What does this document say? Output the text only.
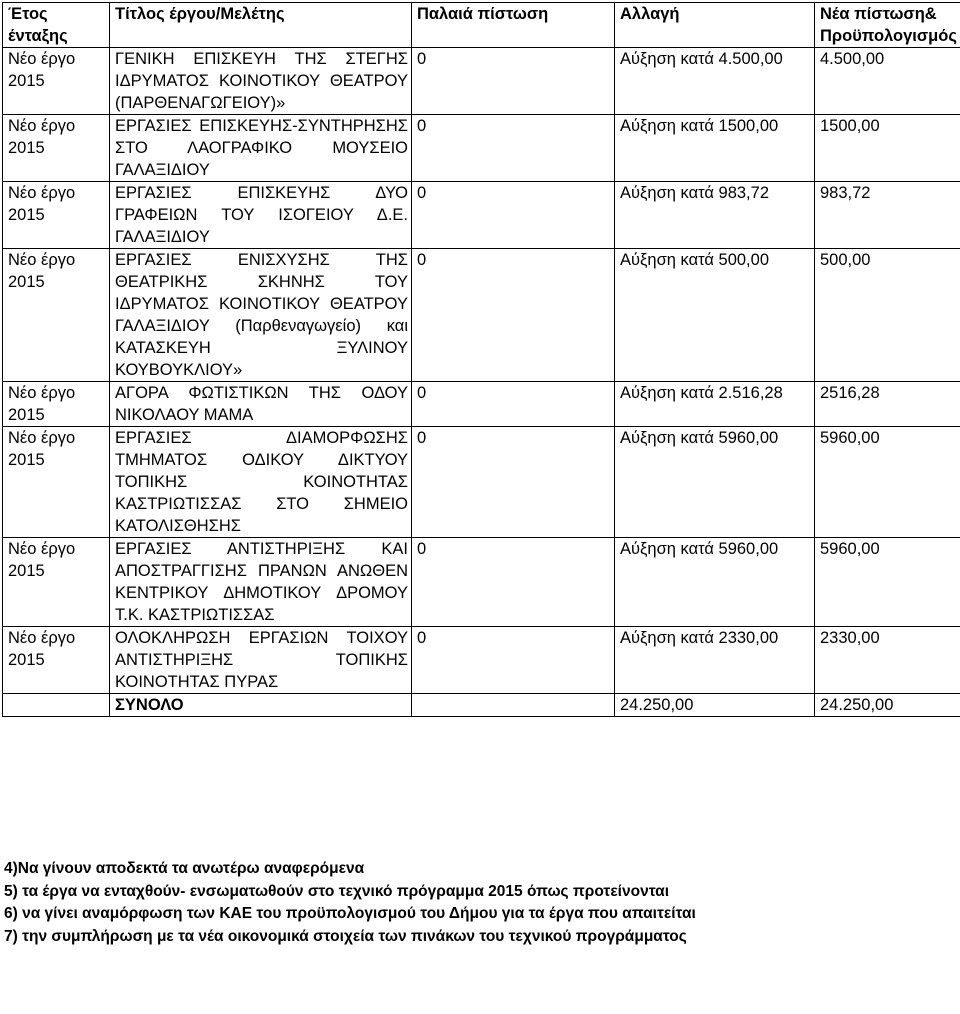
Έτος ένταξης	Τίτλος έργου/Μελέτης	Παλαιά πίστωση	Αλλαγή	Νέα πίστωση& Προϋπολογισμός
Νέο έργο 2015	ΓΕΝΙΚΗ ΕΠΙΣΚΕΥΗ ΤΗΣ ΣΤΕΓΗΣ ΙΔΡΥΜΑΤΟΣ ΚΟΙΝΟΤΙΚΟΥ ΘΕΑΤΡΟΥ (ΠΑΡΘΕΝΑΓΩΓΕΙΟΥ)»	0	Αύξηση κατά 4.500,00	4.500,00
Νέο έργο 2015	ΕΡΓΑΣΙΕΣ ΕΠΙΣΚΕΥΗΣ-ΣΥΝΤΗΡΗΣΗΣ ΣΤΟ ΛΑΟΓΡΑΦΙΚΟ ΜΟΥΣΕΙΟ ΓΑΛΑΞΙΔΙΟΥ	0	Αύξηση κατά 1500,00	1500,00
Νέο έργο 2015	ΕΡΓΑΣΙΕΣ ΕΠΙΣΚΕΥΗΣ ΔΥΟ ΓΡΑΦΕΙΩΝ ΤΟΥ ΙΣΟΓΕΙΟΥ Δ.Ε. ΓΑΛΑΞΙΔΙΟΥ	0	Αύξηση κατά 983,72	983,72
Νέο έργο 2015	ΕΡΓΑΣΙΕΣ ΕΝΙΣΧΥΣΗΣ ΤΗΣ ΘΕΑΤΡΙΚΗΣ ΣΚΗΝΗΣ ΤΟΥ ΙΔΡΥΜΑΤΟΣ ΚΟΙΝΟΤΙΚΟΥ ΘΕΑΤΡΟΥ ΓΑΛΑΞΙΔΙΟΥ (Παρθεναγωγείο) και ΚΑΤΑΣΚΕΥΗ ΞΥΛΙΝΟΥ ΚΟΥΒΟΥΚΛΙΟΥ»	0	Αύξηση κατά 500,00	500,00
Νέο έργο 2015	ΑΓΟΡΑ ΦΩΤΙΣΤΙΚΩΝ ΤΗΣ ΟΔΟΥ ΝΙΚΟΛΑΟΥ ΜΑΜΑ	0	Αύξηση κατά 2.516,28	2516,28
Νέο έργο 2015	ΕΡΓΑΣΙΕΣ ΔΙΑΜΟΡΦΩΣΗΣ ΤΜΗΜΑΤΟΣ ΟΔΙΚΟΥ ΔΙΚΤΥΟΥ ΤΟΠΙΚΗΣ ΚΟΙΝΟΤΗΤΑΣ ΚΑΣΤΡΙΩΤΙΣΣΑΣ ΣΤΟ ΣΗΜΕΙΟ ΚΑΤΟΛΙΣΘΗΣΗΣ	0	Αύξηση κατά 5960,00	5960,00
Νέο έργο 2015	ΕΡΓΑΣΙΕΣ ΑΝΤΙΣΤΗΡΙΞΗΣ ΚΑΙ ΑΠΟΣΤΡΑΓΓΙΣΗΣ ΠΡΑΝΩΝ ΑΝΩΘΕΝ ΚΕΝΤΡΙΚΟΥ ΔΗΜΟΤΙΚΟΥ ΔΡΟΜΟΥ Τ.Κ. ΚΑΣΤΡΙΩΤΙΣΣΑΣ	0	Αύξηση κατά 5960,00	5960,00
Νέο έργο 2015	ΟΛΟΚΛΗΡΩΣΗ ΕΡΓΑΣΙΩΝ ΤΟΙΧΟΥ ΑΝΤΙΣΤΗΡΙΞΗΣ ΤΟΠΙΚΗΣ ΚΟΙΝΟΤΗΤΑΣ ΠΥΡΑΣ	0	Αύξηση κατά 2330,00	2330,00
	ΣΥΝΟΛΟ		24.250,00	24.250,00

4)Να γίνουν αποδεκτά τα ανωτέρω αναφερόμενα

5) τα έργα να ενταχθούν- ενσωματωθούν στο τεχνικό πρόγραμμα 2015 όπως προτείνονται

6) να γίνει αναμόρφωση των ΚΑΕ του προϋπολογισμού του Δήμου για τα έργα που απαιτείται

7) την συμπλήρωση με τα νέα οικονομικά στοιχεία των πινάκων του τεχνικού προγράμματος
